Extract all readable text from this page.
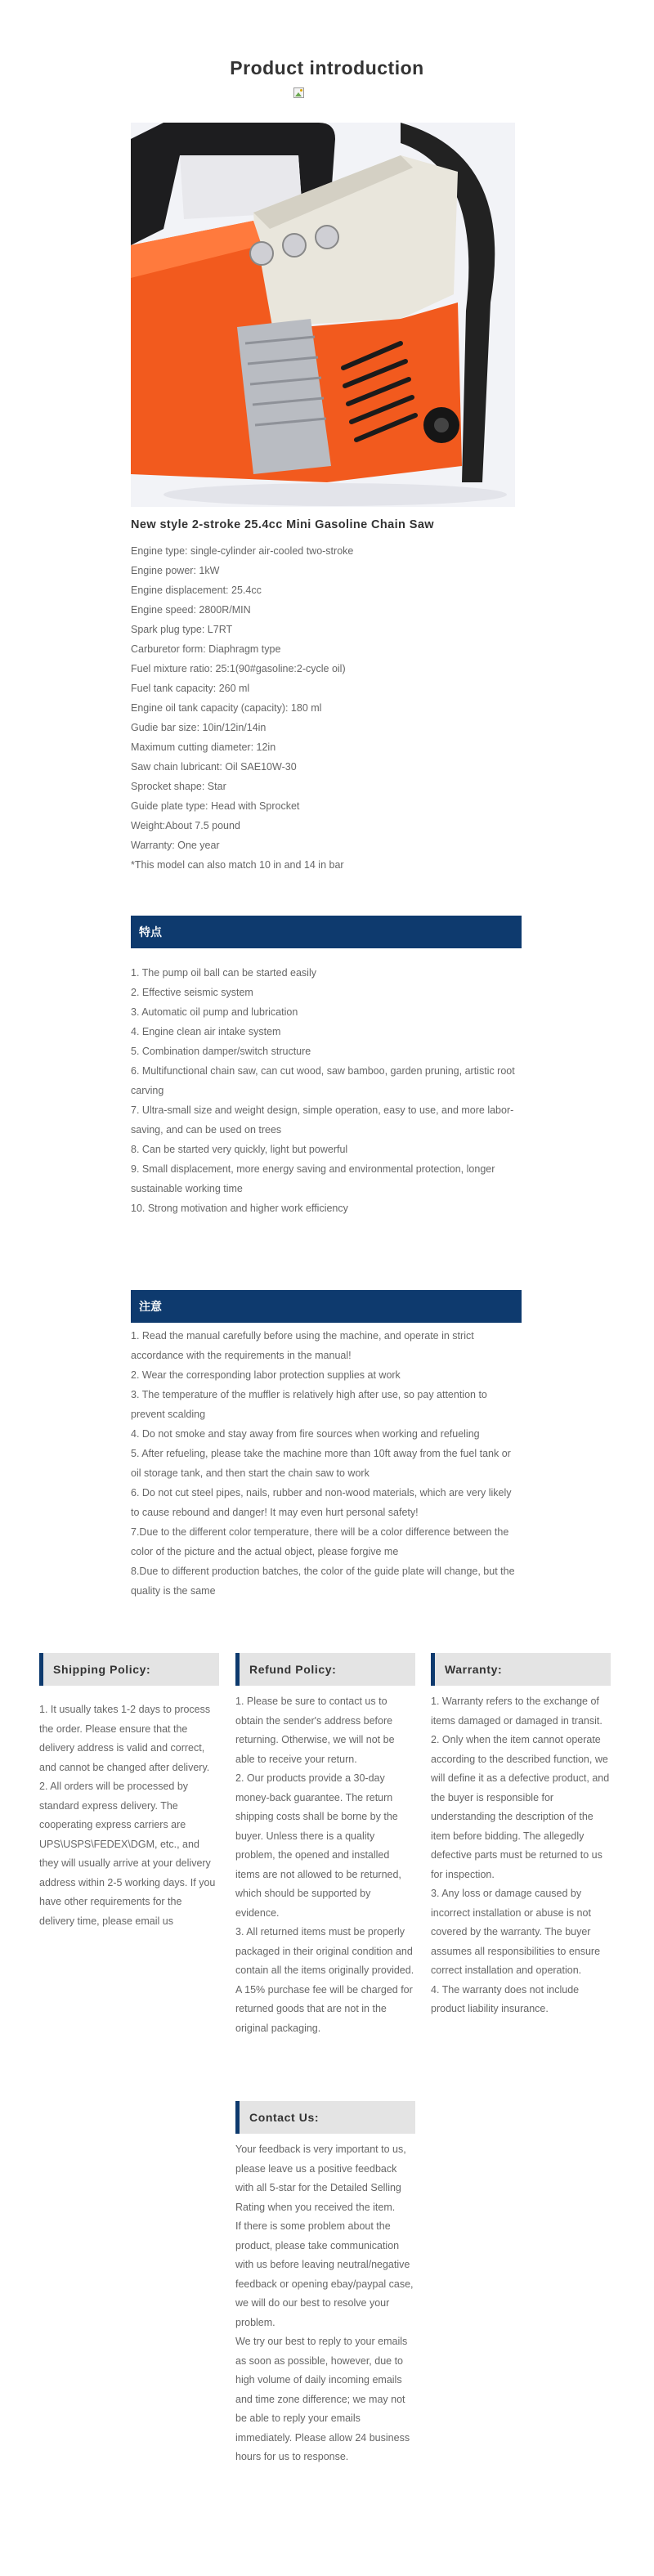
Product introduction
New style 2-stroke 25.4cc Mini Gasoline Chain Saw
Engine type: single-cylinder air-cooled two-stroke
Engine power: 1kW
Engine displacement: 25.4cc
Engine speed: 2800R/MIN
Spark plug type: L7RT
Carburetor form: Diaphragm type
Fuel mixture ratio: 25:1(90#gasoline:2-cycle oil)
Fuel tank capacity: 260 ml
Engine oil tank capacity (capacity): 180 ml
Gudie bar size: 10in/12in/14in
Maximum cutting diameter: 12in
Saw chain lubricant: Oil SAE10W-30
Sprocket shape: Star
Guide plate type: Head with Sprocket
Weight:About 7.5 pound
Warranty: One year
*This model can also match 10 in and 14 in bar
特点
1. The pump oil ball can be started easily
2. Effective seismic system
3. Automatic oil pump and lubrication
4. Engine clean air intake system
5. Combination damper/switch structure
6. Multifunctional chain saw, can cut wood, saw bamboo, garden pruning, artistic root carving
7. Ultra-small size and weight design, simple operation, easy to use, and more labor-saving, and can be used on trees
8. Can be started very quickly, light but powerful
9. Small displacement, more energy saving and environmental protection, longer sustainable working time
10. Strong motivation and higher work efficiency
注意
1. Read the manual carefully before using the machine, and operate in strict accordance with the requirements in the manual!
2. Wear the corresponding labor protection supplies at work
3. The temperature of the muffler is relatively high after use, so pay attention to prevent scalding
4. Do not smoke and stay away from fire sources when working and refueling
5. After refueling, please take the machine more than 10ft away from the fuel tank or oil storage tank, and then start the chain saw to work
6. Do not cut steel pipes, nails, rubber and non-wood materials, which are very likely to cause rebound and danger! It may even hurt personal safety!
7.Due to the different color temperature, there will be a color difference between the color of the picture and the actual object, please forgive me
8.Due to different production batches, the color of the guide plate will change, but the quality is the same
Shipping Policy:
1. It usually takes 1-2 days to process the order. Please ensure that the delivery address is valid and correct, and cannot be changed after delivery.
2. All orders will be processed by standard express delivery. The cooperating express carriers are UPS\USPS\FEDEX\DGM, etc., and they will usually arrive at your delivery address within 2-5 working days. If you have other requirements for the delivery time, please email us
Refund Policy:
1. Please be sure to contact us to obtain the sender's address before returning. Otherwise, we will not be able to receive your return.
2. Our products provide a 30-day money-back guarantee. The return shipping costs shall be borne by the buyer. Unless there is a quality problem, the opened and installed items are not allowed to be returned, which should be supported by evidence.
3. All returned items must be properly packaged in their original condition and contain all the items originally provided. A 15% purchase fee will be charged for returned goods that are not in the original packaging.
Warranty:
1. Warranty refers to the exchange of items damaged or damaged in transit.
2. Only when the item cannot operate according to the described function, we will define it as a defective product, and the buyer is responsible for understanding the description of the item before bidding. The allegedly defective parts must be returned to us for inspection.
3. Any loss or damage caused by incorrect installation or abuse is not covered by the warranty. The buyer assumes all responsibilities to ensure correct installation and operation.
4. The warranty does not include product liability insurance.
Contact Us:
Your feedback is very important to us, please leave us a positive feedback with all 5-star for the Detailed Selling Rating when you received the item.
If there is some problem about the product, please take communication with us before leaving neutral/negative feedback or opening ebay/paypal case, we will do our best to resolve your problem.
We try our best to reply to your emails as soon as possible, however, due to high volume of daily incoming emails and time zone difference; we may not be able to reply your emails immediately. Please allow 24 business hours for us to response.
